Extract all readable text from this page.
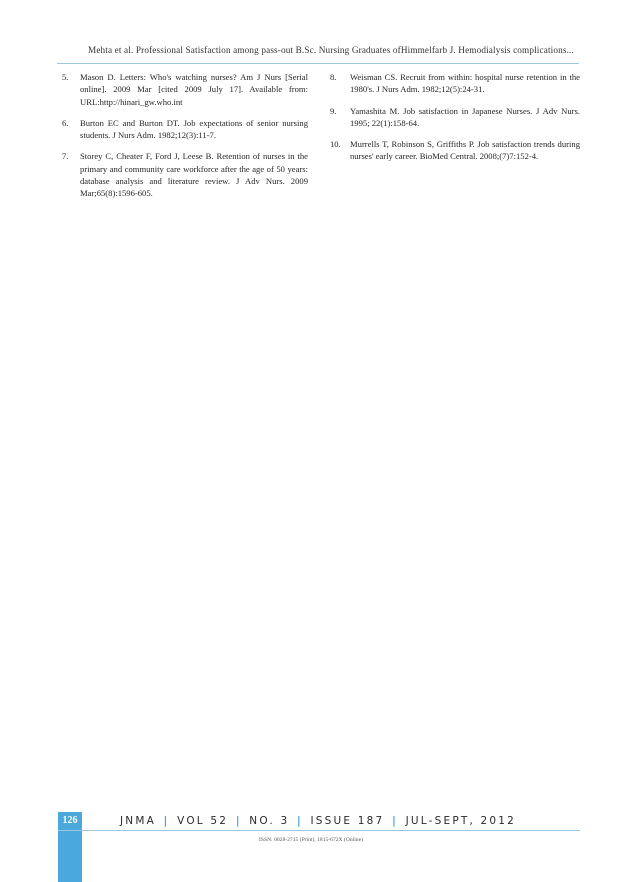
Mehta et al. Professional Satisfaction among pass-out B.Sc. Nursing Graduates ofHimmelfarb J. Hemodialysis complications...
5. Mason D. Letters: Who's watching nurses? Am J Nurs [Serial online]. 2009 Mar [cited 2009 July 17]. Available from: URL:http://hinari_gw.who.int
6. Burton EC and Burton DT. Job expectations of senior nursing students. J Nurs Adm. 1982;12(3):11-7.
7. Storey C, Cheater F, Ford J, Leese B. Retention of nurses in the primary and community care workforce after the age of 50 years: database analysis and literature review. J Adv Nurs. 2009 Mar;65(8):1596-605.
8. Weisman CS. Recruit from within: hospital nurse retention in the 1980's. J Nurs Adm. 1982;12(5):24-31.
9. Yamashita M. Job satisfaction in Japanese Nurses. J Adv Nurs. 1995; 22(1):158-64.
10. Murrells T, Robinson S, Griffiths P. Job satisfaction trends during nurses' early career. BioMed Central. 2008;(7)7:152-4.
126	JNMA | VOL 52 | NO. 3 | ISSUE 187 | JUL-SEPT, 2012
ISSN: 0028-2715 (Print), 1815-672X (Online)
